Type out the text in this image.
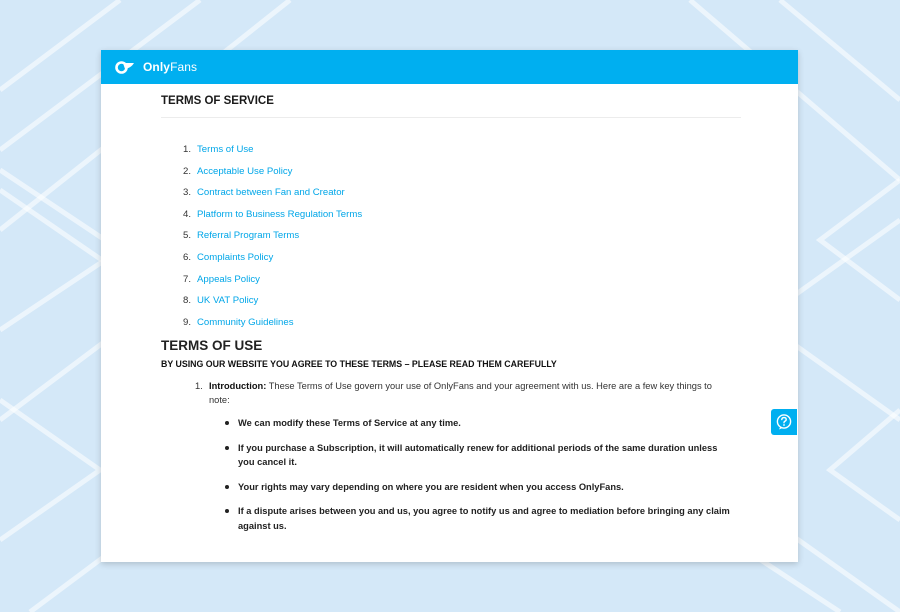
OnlyFans
TERMS OF SERVICE
1. Terms of Use
2. Acceptable Use Policy
3. Contract between Fan and Creator
4. Platform to Business Regulation Terms
5. Referral Program Terms
6. Complaints Policy
7. Appeals Policy
8. UK VAT Policy
9. Community Guidelines
TERMS OF USE

BY USING OUR WEBSITE YOU AGREE TO THESE TERMS – PLEASE READ THEM CAREFULLY

1. Introduction: These Terms of Use govern your use of OnlyFans and your agreement with us. Here are a few key things to note:
We can modify these Terms of Service at any time.
If you purchase a Subscription, it will automatically renew for additional periods of the same duration unless you cancel it.
Your rights may vary depending on where you are resident when you access OnlyFans.
If a dispute arises between you and us, you agree to notify us and agree to mediation before bringing any claim against us.
